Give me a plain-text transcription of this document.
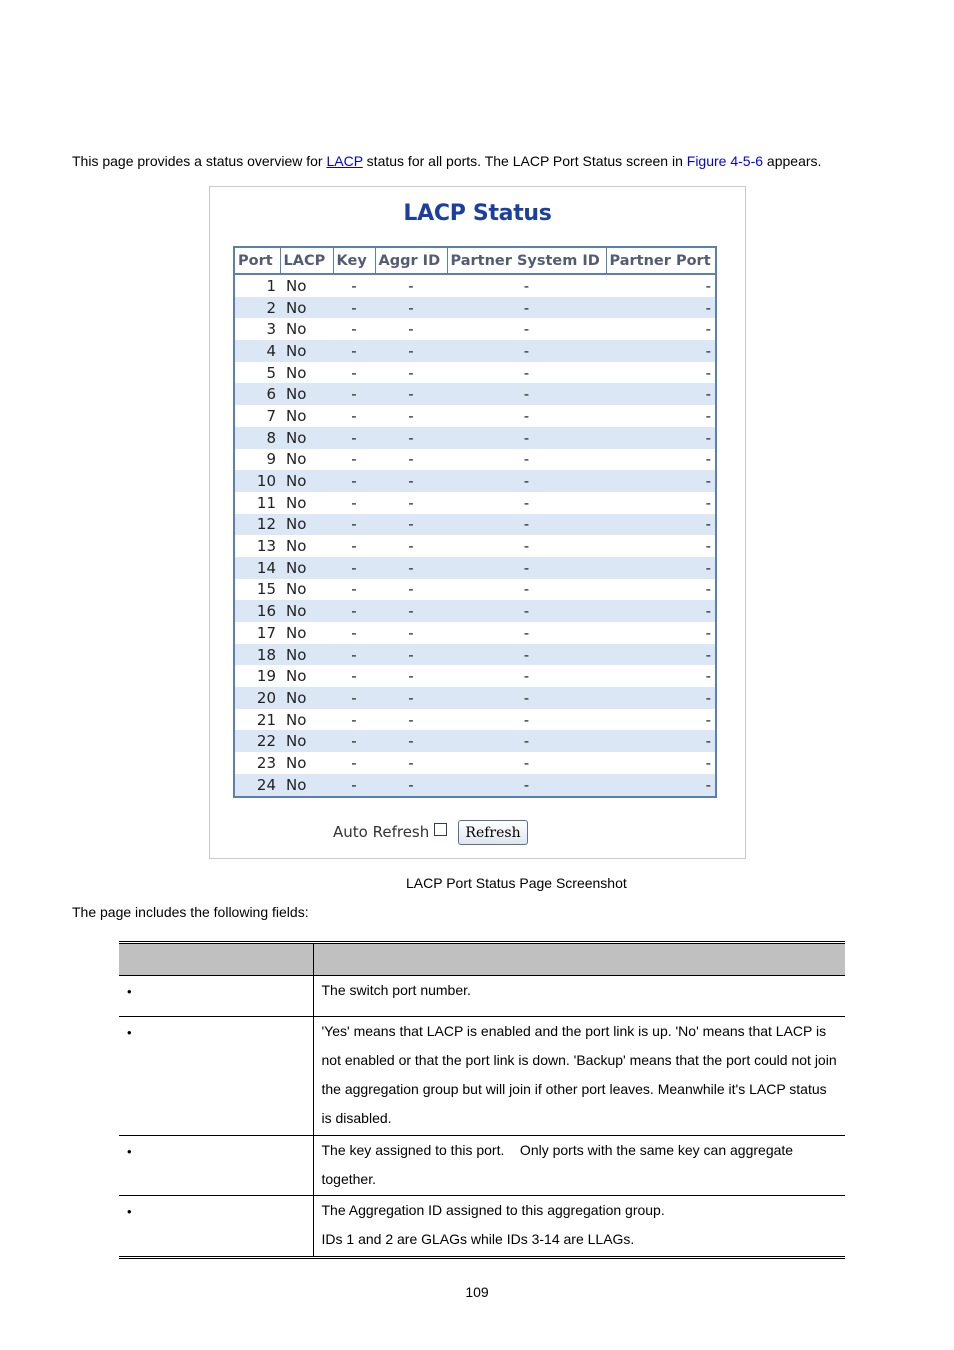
This page provides a status overview for LACP status for all ports. The LACP Port Status screen in Figure 4-5-6 appears.
LACP Status
Port	LACP	Key	Aggr ID	Partner System ID	Partner Port
1	No	-	-	-	-
2	No	-	-	-	-
3	No	-	-	-	-
4	No	-	-	-	-
5	No	-	-	-	-
6	No	-	-	-	-
7	No	-	-	-	-
8	No	-	-	-	-
9	No	-	-	-	-
10	No	-	-	-	-
11	No	-	-	-	-
12	No	-	-	-	-
13	No	-	-	-	-
14	No	-	-	-	-
15	No	-	-	-	-
16	No	-	-	-	-
17	No	-	-	-	-
18	No	-	-	-	-
19	No	-	-	-	-
20	No	-	-	-	-
21	No	-	-	-	-
22	No	-	-	-	-
23	No	-	-	-	-
24	No	-	-	-	-
Auto Refresh	Refresh
LACP Port Status Page Screenshot
The page includes the following fields:

•	The switch port number.
•	'Yes' means that LACP is enabled and the port link is up. 'No' means that LACP is not enabled or that the port link is down. 'Backup' means that the port could not join the aggregation group but will join if other port leaves. Meanwhile it's LACP status is disabled.
•	The key assigned to this port.    Only ports with the same key can aggregate together.
•	The Aggregation ID assigned to this aggregation group.
IDs 1 and 2 are GLAGs while IDs 3-14 are LLAGs.
109
